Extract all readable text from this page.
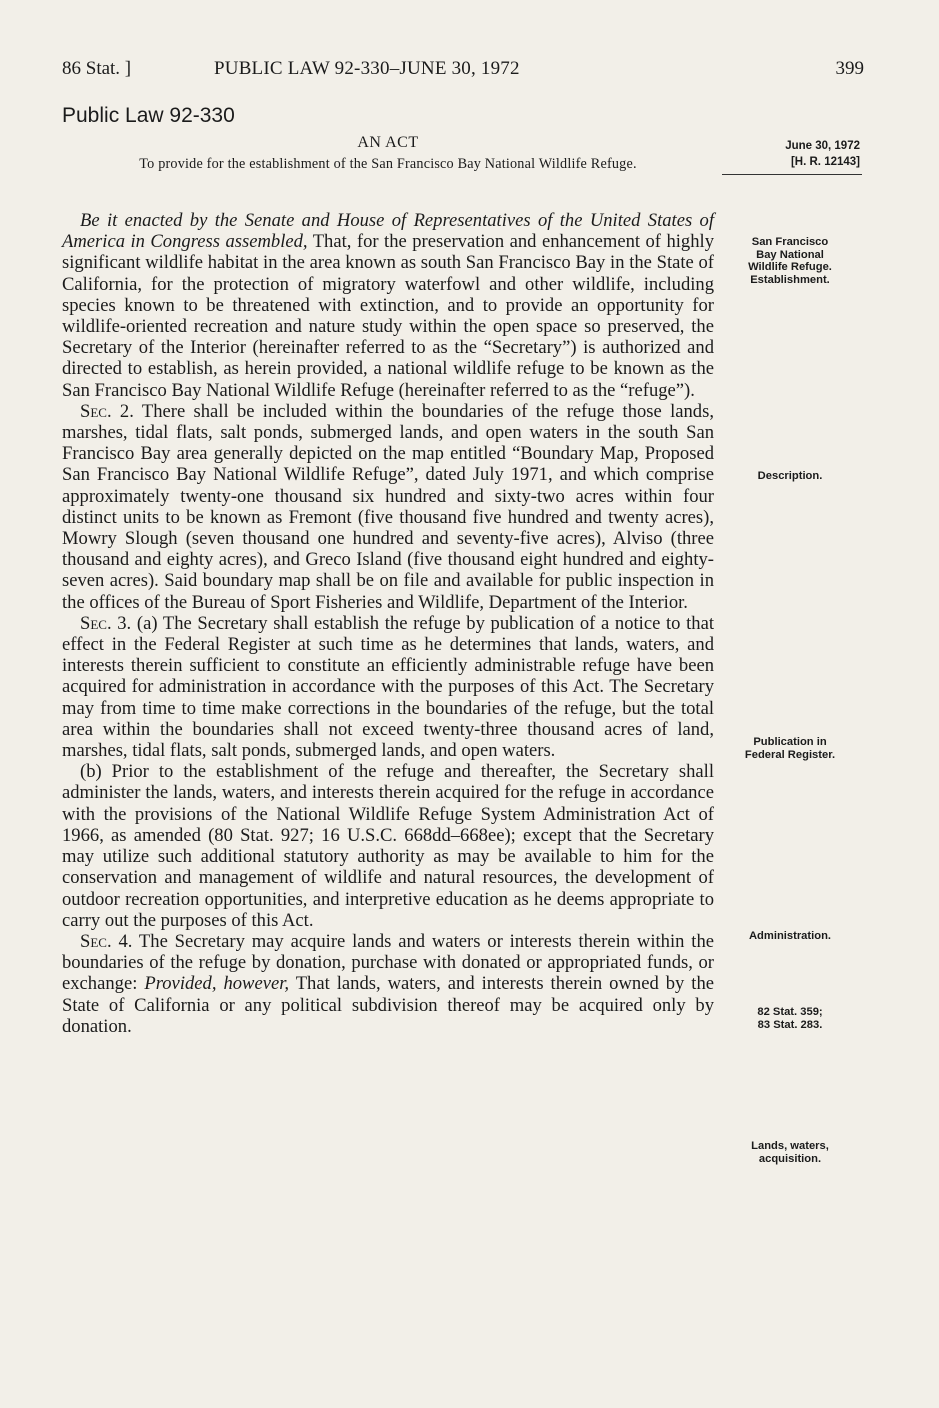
86 Stat. ]	PUBLIC LAW 92-330–JUNE 30, 1972	399
Public Law 92-330
AN ACT
To provide for the establishment of the San Francisco Bay National Wildlife Refuge.
June 30, 1972
[H. R. 12143]

Be it enacted by the Senate and House of Representatives of the United States of America in Congress assembled, That, for the preservation and enhancement of highly significant wildlife habitat in the area known as south San Francisco Bay in the State of California, for the protection of migratory waterfowl and other wildlife, including species known to be threatened with extinction, and to provide an opportunity for wildlife-oriented recreation and nature study within the open space so preserved, the Secretary of the Interior (hereinafter referred to as the “Secretary”) is authorized and directed to establish, as herein provided, a national wildlife refuge to be known as the San Francisco Bay National Wildlife Refuge (hereinafter referred to as the “refuge”).

Sec. 2. There shall be included within the boundaries of the refuge those lands, marshes, tidal flats, salt ponds, submerged lands, and open waters in the south San Francisco Bay area generally depicted on the map entitled “Boundary Map, Proposed San Francisco Bay National Wildlife Refuge”, dated July 1971, and which comprise approximately twenty-one thousand six hundred and sixty-two acres within four distinct units to be known as Fremont (five thousand five hundred and twenty acres), Mowry Slough (seven thousand one hundred and seventy-five acres), Alviso (three thousand and eighty acres), and Greco Island (five thousand eight hundred and eighty-seven acres). Said boundary map shall be on file and available for public inspection in the offices of the Bureau of Sport Fisheries and Wildlife, Department of the Interior.

Sec. 3. (a) The Secretary shall establish the refuge by publication of a notice to that effect in the Federal Register at such time as he determines that lands, waters, and interests therein sufficient to constitute an efficiently administrable refuge have been acquired for administration in accordance with the purposes of this Act. The Secretary may from time to time make corrections in the boundaries of the refuge, but the total area within the boundaries shall not exceed twenty-three thousand acres of land, marshes, tidal flats, salt ponds, submerged lands, and open waters.

(b) Prior to the establishment of the refuge and thereafter, the Secretary shall administer the lands, waters, and interests therein acquired for the refuge in accordance with the provisions of the National Wildlife Refuge System Administration Act of 1966, as amended (80 Stat. 927; 16 U.S.C. 668dd–668ee); except that the Secretary may utilize such additional statutory authority as may be available to him for the conservation and management of wildlife and natural resources, the development of outdoor recreation opportunities, and interpretive education as he deems appropriate to carry out the purposes of this Act.

Sec. 4. The Secretary may acquire lands and waters or interests therein within the boundaries of the refuge by donation, purchase with donated or appropriated funds, or exchange: Provided, however, That lands, waters, and interests therein owned by the State of California or any political subdivision thereof may be acquired only by donation.

San Francisco
Bay National
Wildlife Refuge.
Establishment.
Description.
Publication in
Federal Register.
Administration.
82 Stat. 359;
83 Stat. 283.
Lands, waters,
acquisition.
